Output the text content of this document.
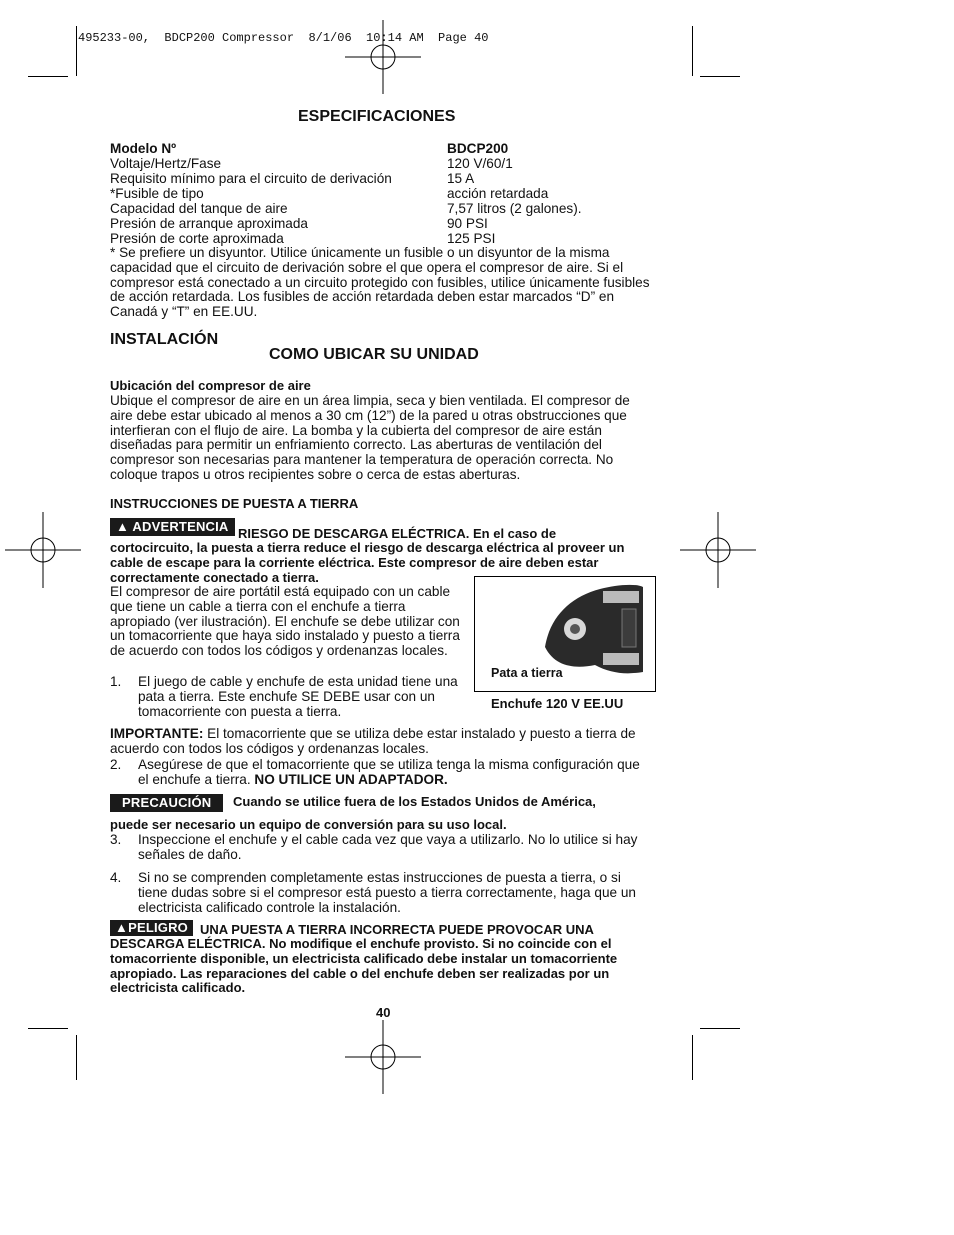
495233-00,  BDCP200 Compressor  8/1/06  10:14 AM  Page 40
ESPECIFICACIONES
Modelo Nº	BDCP200
Voltaje/Hertz/Fase	120 V/60/1
Requisito mínimo para el circuito de derivación	15 A
*Fusible de tipo	acción retardada
Capacidad del tanque de aire	7,57 litros (2 galones).
Presión de arranque aproximada	90 PSI
Presión de corte aproximada	125 PSI
* Se prefiere un disyuntor. Utilice únicamente un fusible o un disyuntor de la misma capacidad que el circuito de derivación sobre el que opera el compresor de aire. Si el compresor está conectado a un circuito protegido con fusibles, utilice únicamente fusibles de acción retardada. Los fusibles de acción retardada deben estar marcados “D” en Canadá y “T” en EE.UU.
INSTALACIÓN
COMO UBICAR SU UNIDAD
Ubicación del compresor de aire
Ubique el compresor de aire en un área limpia, seca y bien ventilada. El compresor de aire debe estar ubicado al menos a 30 cm (12”) de la pared u otras obstrucciones que interfieran con el flujo de aire. La bomba y la cubierta del compresor de aire están diseñadas para permitir un enfriamiento correcto. Las aberturas de ventilación del compresor son necesarias para mantener la temperatura de operación correcta. No coloque trapos u otros recipientes sobre o cerca de estas aberturas.
INSTRUCCIONES DE PUESTA A TIERRA
▲ ADVERTENCIA RIESGO DE DESCARGA ELÉCTRICA. En el caso de
cortocircuito, la puesta a tierra reduce el riesgo de descarga eléctrica al proveer un cable de escape para la corriente eléctrica. Este compresor de aire deben estar correctamente conectado a tierra.
Pata a tierra
Enchufe 120 V EE.UU
El compresor de aire portátil está equipado con un cable que tiene un cable a tierra con el enchufe a tierra apropiado (ver ilustración). El enchufe se debe utilizar con un tomacorriente que haya sido instalado y puesto a tierra de acuerdo con todos los códigos y ordenanzas locales.
1. El juego de cable y enchufe de esta unidad tiene una pata a tierra. Este enchufe SE DEBE usar con un tomacorriente con puesta a tierra.
IMPORTANTE: El tomacorriente que se utiliza debe estar instalado y puesto a tierra de acuerdo con todos los códigos y ordenanzas locales.
2. Asegúrese de que el tomacorriente que se utiliza tenga la misma configuración que el enchufe a tierra. NO UTILICE UN ADAPTADOR.
PRECAUCIÓN	Cuando se utilice fuera de los Estados Unidos de América,
puede ser necesario un equipo de conversión para su uso local.
3. Inspeccione el enchufe y el cable cada vez que vaya a utilizarlo. No lo utilice si hay señales de daño.
4. Si no se comprenden completamente estas instrucciones de puesta a tierra, o si tiene dudas sobre si el compresor está puesto a tierra correctamente, haga que un electricista calificado controle la instalación.
▲PELIGRO UNA PUESTA A TIERRA INCORRECTA PUEDE PROVOCAR UNA
DESCARGA ELÉCTRICA. No modifique el enchufe provisto. Si no coincide con el tomacorriente disponible, un electricista calificado debe instalar un tomacorriente apropiado. Las reparaciones del cable o del enchufe deben ser realizadas por un electricista calificado.
40
